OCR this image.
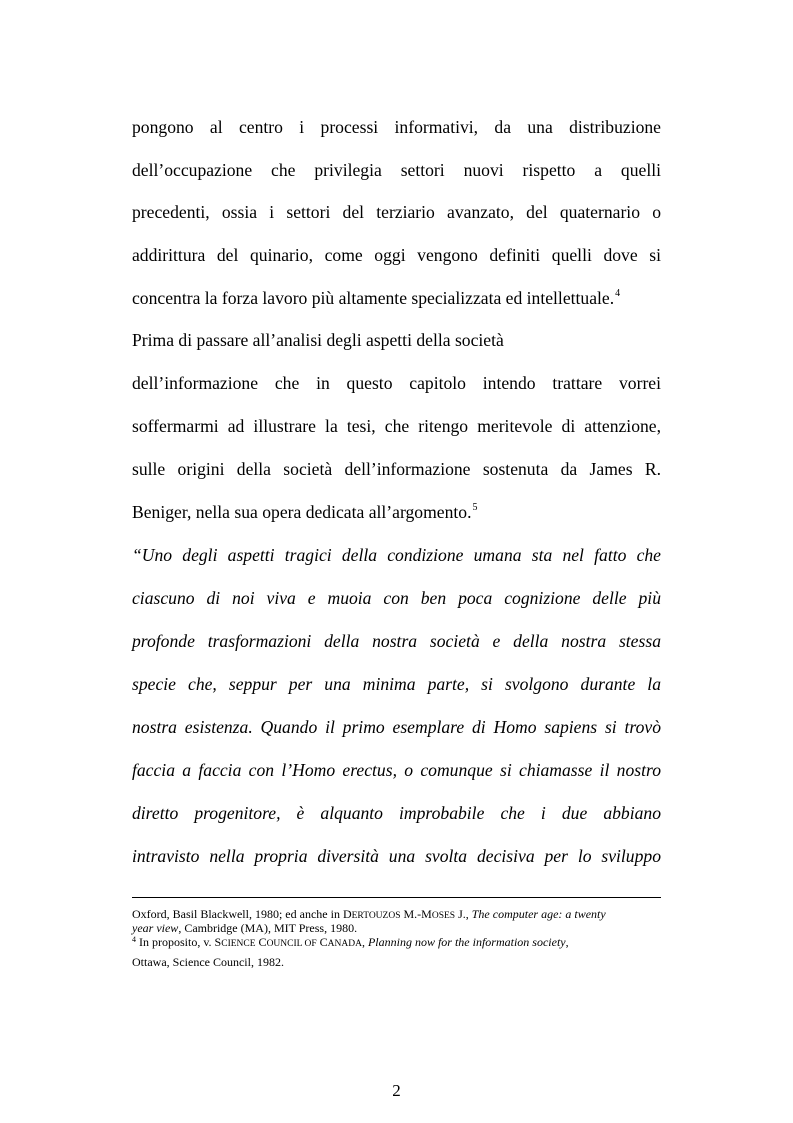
pongono al centro i processi informativi, da una distribuzione
dell’occupazione che privilegia settori nuovi rispetto a quelli
precedenti, ossia i settori del terziario avanzato, del quaternario o
addirittura del quinario, come oggi vengono definiti quelli dove si
concentra la forza lavoro più altamente specializzata ed intellettuale.$^4$
Prima di passare all’analisi degli aspetti della società
dell’informazione che in questo capitolo intendo trattare vorrei
soffermarmi ad illustrare la tesi, che ritengo meritevole di attenzione,
sulle origini della società dell’informazione sostenuta da James R.
Beniger, nella sua opera dedicata all’argomento.$^5$
“Uno degli aspetti tragici della condizione umana sta nel fatto che
ciascuno di noi viva e muoia con ben poca cognizione delle più
profonde trasformazioni della nostra società e della nostra stessa
specie che, seppur per una minima parte, si svolgono durante la
nostra esistenza. Quando il primo esemplare di Homo sapiens si trovò
faccia a faccia con l’Homo erectus, o comunque si chiamasse il nostro
diretto progenitore, è alquanto improbabile che i due abbiano
intravisto nella propria diversità una svolta decisiva per lo sviluppo
Oxford, Basil Blackwell, 1980; ed anche in DERTOUZOS M.-MOSES J., The computer age: a twenty
year view, Cambridge (MA), MIT Press, 1980.
$^4$ In proposito, v. SCIENCE COUNCIL OF CANADA, Planning now for the information society,
Ottawa, Science Council, 1982.
2
